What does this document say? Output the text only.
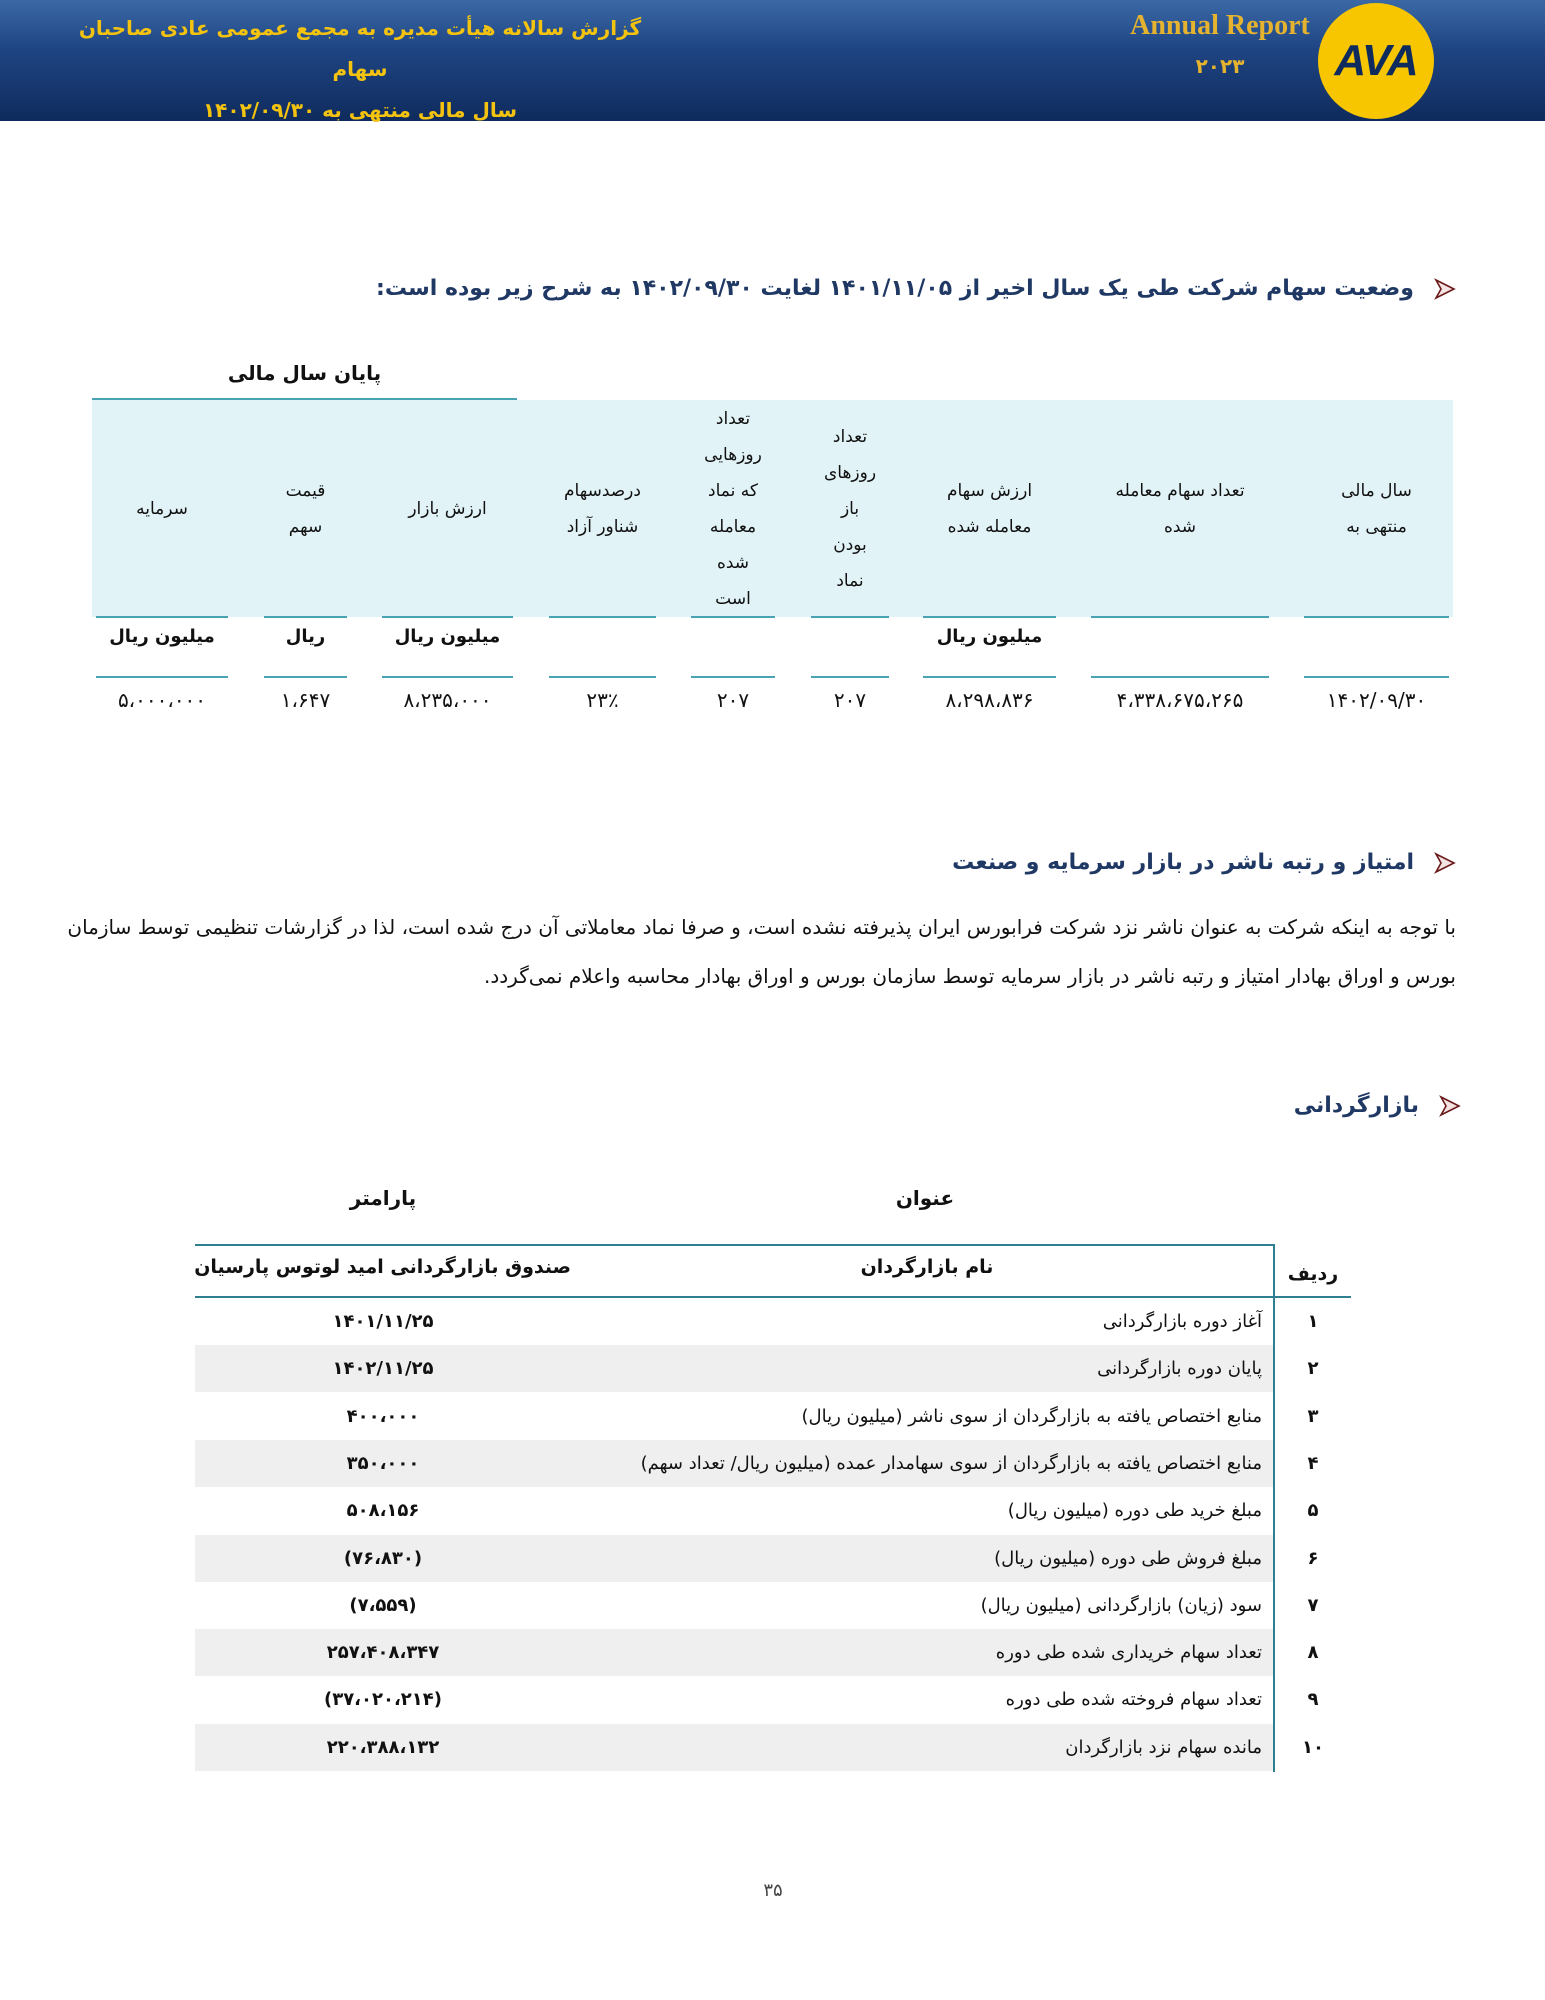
گزارش سالانه هیأت مدیره به مجمع عمومی عادی صاحبان سهام
سال مالی منتهی به ۱۴۰۲/۰۹/۳۰
Annual Report
۲۰۲۳	AVA
وضعیت سهام شرکت طی یک سال اخیر از ۱۴۰۱/۱۱/۰۵ لغایت ۱۴۰۲/۰۹/۳۰ به شرح زیر بوده است:
پایان سال مالی
سال مالی
منتهی به
۱۴۰۲/۰۹/۳۰
تعداد سهام معامله
شده
۴،۳۳۸،۶۷۵،۲۶۵
ارزش سهام
معامله شده
میلیون ریال
۸،۲۹۸،۸۳۶
تعداد
روزهای
باز
بودن
نماد
۲۰۷
تعداد
روزهایی
که نماد
معامله
شده
است
۲۰۷
درصدسهام
شناور آزاد
۲۳٪
ارزش بازار
میلیون ریال
۸،۲۳۵،۰۰۰
قیمت
سهم
ریال
۱،۶۴۷
سرمایه
میلیون ریال
۵،۰۰۰،۰۰۰
امتیاز و رتبه ناشر در بازار سرمایه و صنعت
با توجه به اینکه شرکت به عنوان ناشر نزد شرکت فرابورس ایران پذیرفته نشده است، و صرفا نماد معاملاتی آن درج شده است، لذا در گزارشات تنظیمی توسط سازمان
بورس و اوراق بهادار امتیاز و رتبه ناشر در بازار سرمایه توسط سازمان بورس و اوراق بهادار محاسبه واعلام نمی‌گردد.
بازارگردانی
عنوان
پارامتر
نام بازارگردان
صندوق بازارگردانی امید لوتوس پارسیان	ردیف
۱
آغاز دوره بازارگردانی
۱۴۰۱/۱۱/۲۵
۲
پایان دوره بازارگردانی
۱۴۰۲/۱۱/۲۵
۳
منابع اختصاص یافته به بازارگردان از سوی ناشر (میلیون ریال)
۴۰۰،۰۰۰
۴
منابع اختصاص یافته به بازارگردان از سوی سهامدار عمده (میلیون ریال/ تعداد سهم)
۳۵۰،۰۰۰
۵
مبلغ خرید طی دوره (میلیون ریال)
۵۰۸،۱۵۶
۶
مبلغ فروش طی دوره (میلیون ریال)
(۷۶،۸۳۰)
۷
سود (زیان) بازارگردانی (میلیون ریال)
(۷،۵۵۹)
۸
تعداد سهام خریداری شده طی دوره
۲۵۷،۴۰۸،۳۴۷
۹
تعداد سهام فروخته شده طی دوره
(۳۷،۰۲۰،۲۱۴)
۱۰
مانده سهام نزد بازارگردان
۲۲۰،۳۸۸،۱۳۲
۳۵
